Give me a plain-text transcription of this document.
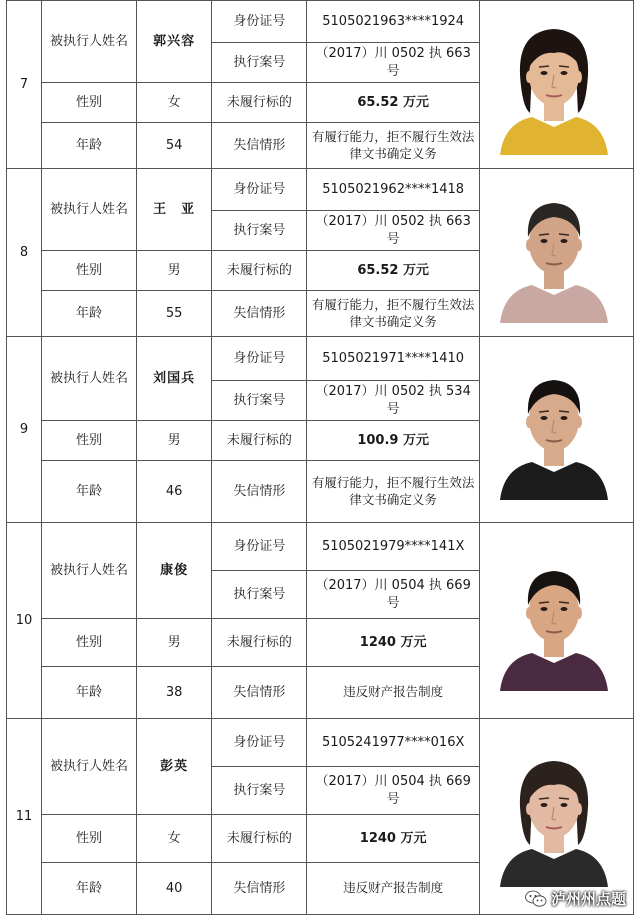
7	被执行人姓名	郭兴容	身份证号	5105021963****1924	

			执行案号	（2017）川 0502 执 663 号	
	性别	女	未履行标的	65.52 万元	
	年龄	54	失信情形	有履行能力，拒不履行生效法律文书确定义务	
8	被执行人姓名	王　亚	身份证号	5105021962****1418	

			执行案号	（2017）川 0502 执 663 号	
	性别	男	未履行标的	65.52 万元	
	年龄	55	失信情形	有履行能力，拒不履行生效法律文书确定义务	
9	被执行人姓名	刘国兵	身份证号	5105021971****1410	

			执行案号	（2017）川 0502 执 534 号	
	性别	男	未履行标的	100.9 万元	
	年龄	46	失信情形	有履行能力，拒不履行生效法律文书确定义务	
10	被执行人姓名	康俊	身份证号	5105021979****141X	

			执行案号	（2017）川 0504 执 669 号	
	性别	男	未履行标的	1240 万元	
	年龄	38	失信情形	违反财产报告制度	
11	被执行人姓名	彭英	身份证号	5105241977****016X	

			执行案号	（2017）川 0504 执 669 号	
	性别	女	未履行标的	1240 万元	
	年龄	40	失信情形	违反财产报告制度	
泸州州点题
